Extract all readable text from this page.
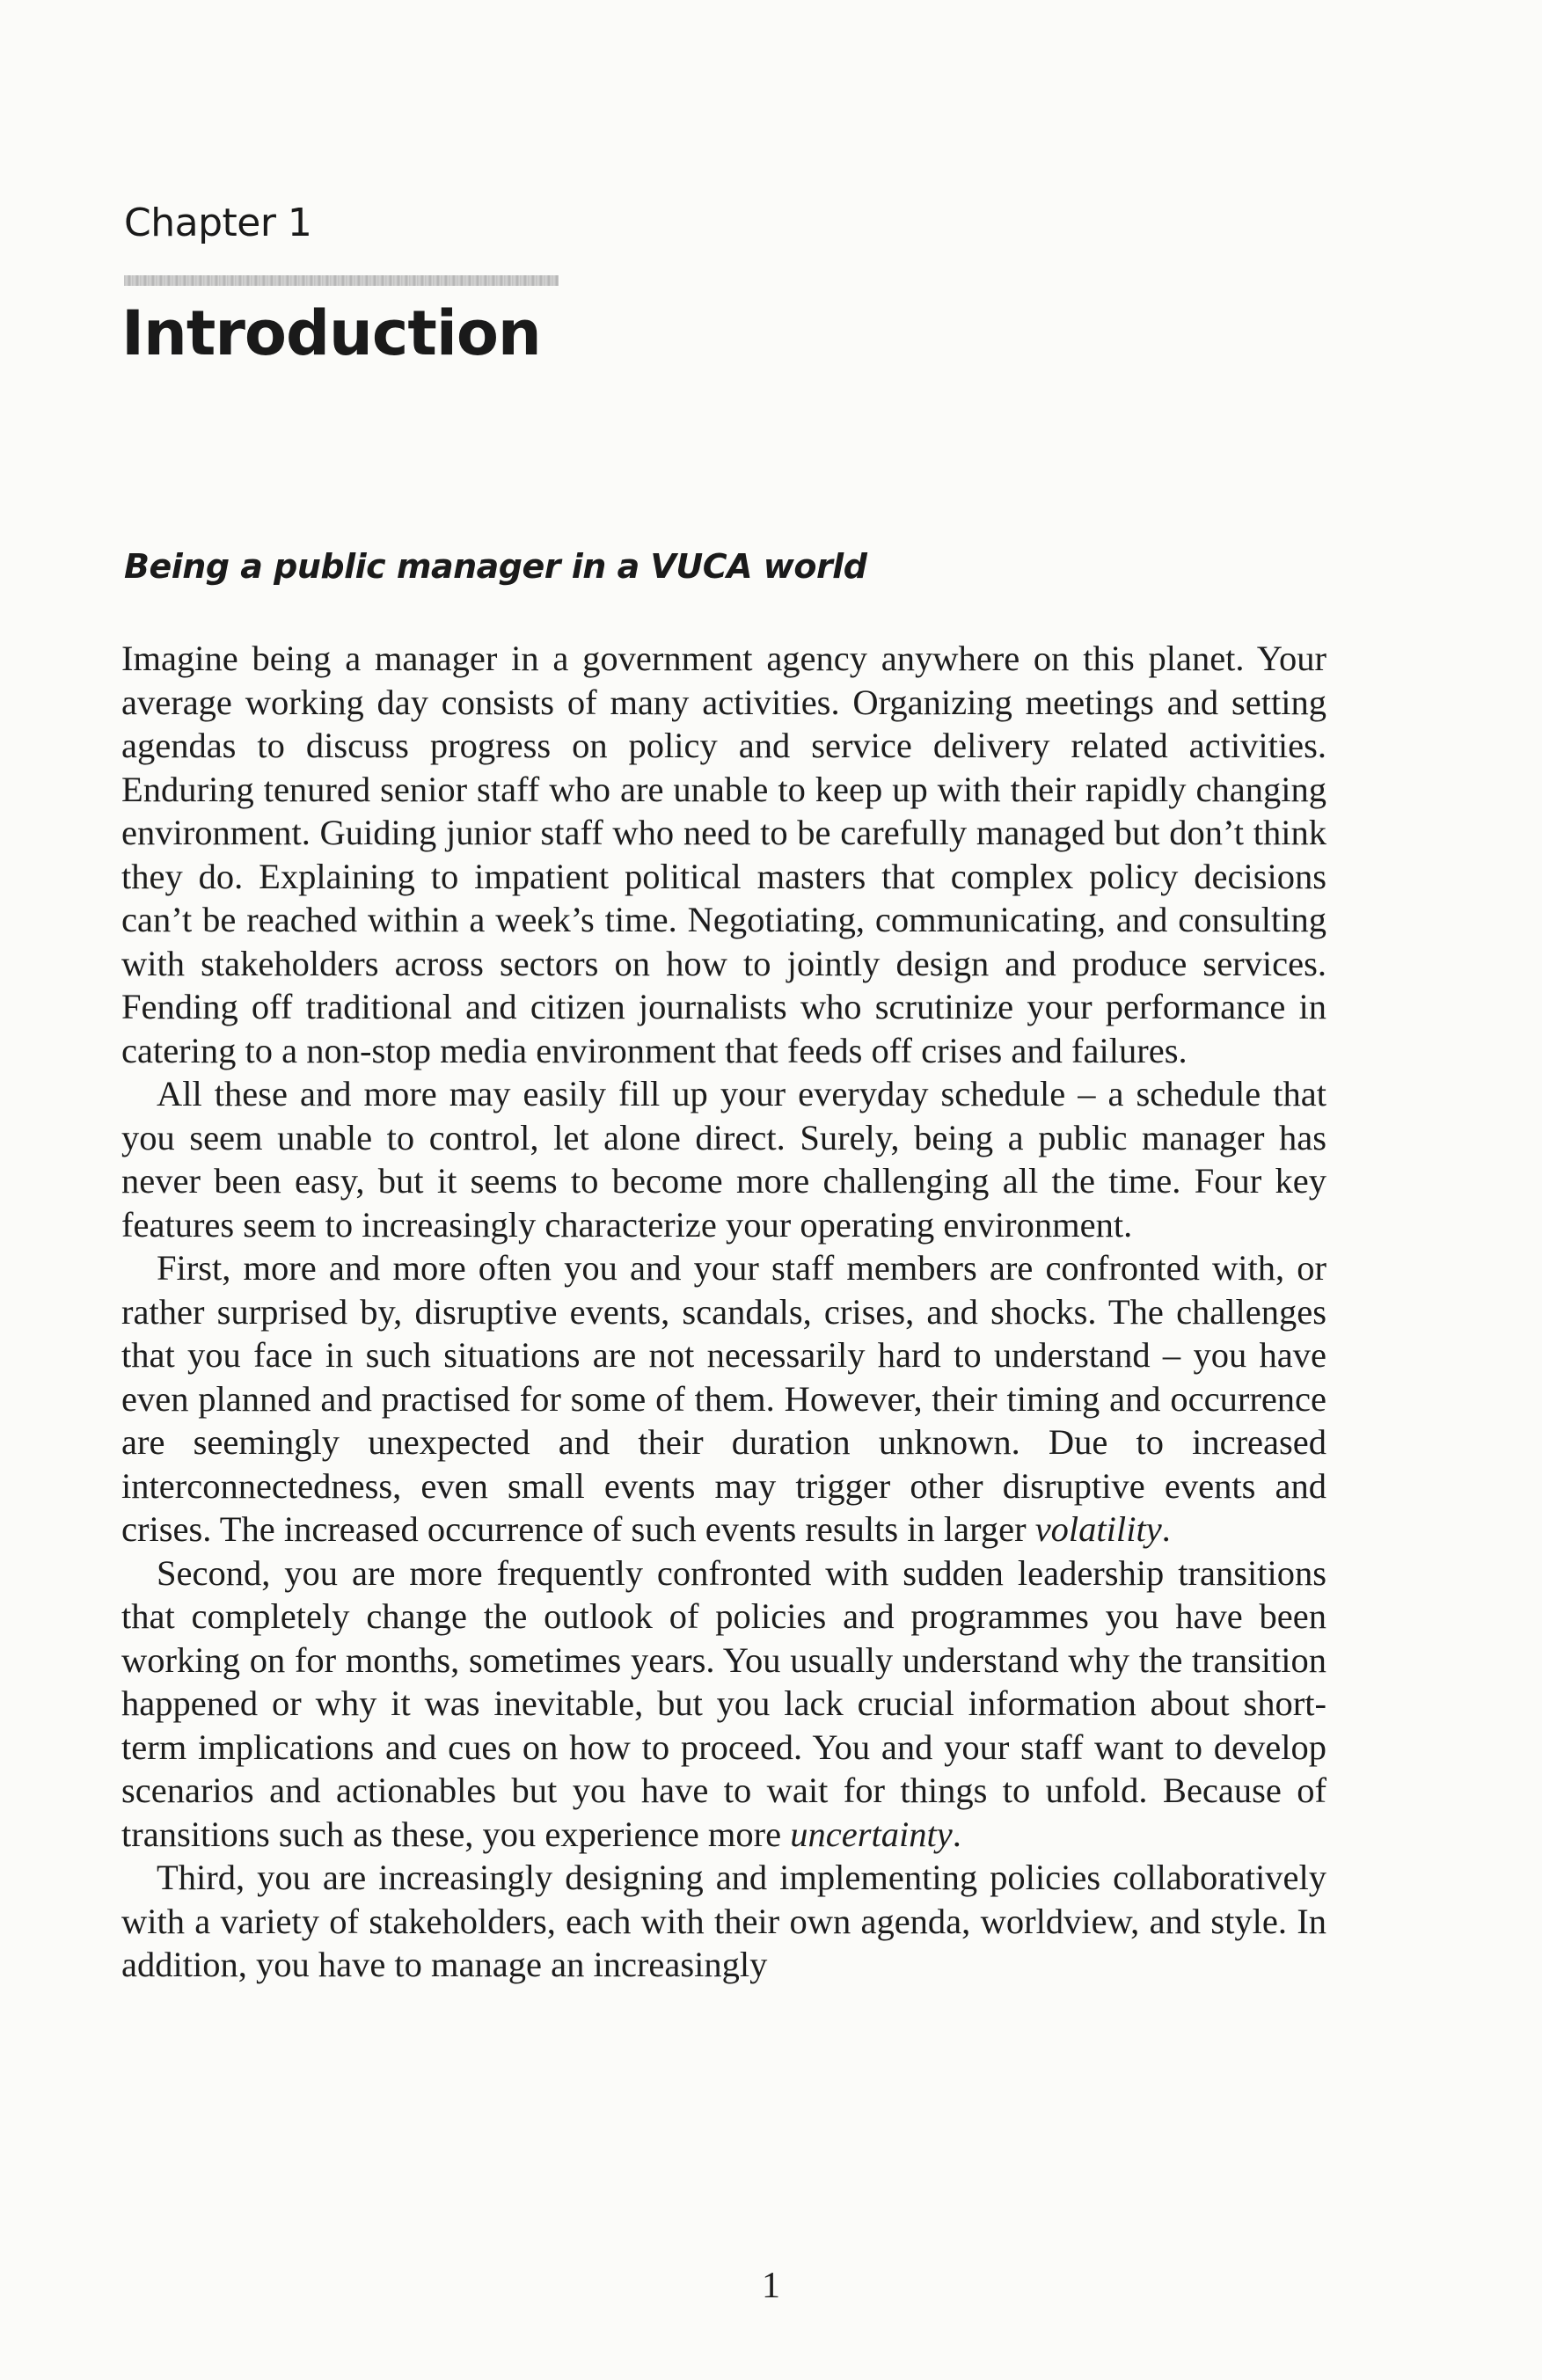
Chapter 1
Introduction
Being a public manager in a VUCA world

Imagine being a manager in a government agency anywhere on this planet. Your average working day consists of many activities. Organizing meetings and setting agendas to discuss progress on policy and service delivery related activities. Enduring tenured senior staff who are unable to keep up with their rapidly changing environment. Guiding junior staff who need to be carefully managed but don’t think they do. Explaining to impatient political masters that complex policy decisions can’t be reached within a week’s time. Negotiating, communicating, and consulting with stakeholders across sectors on how to jointly design and produce services. Fending off traditional and citizen journalists who scrutinize your performance in catering to a non-stop media environment that feeds off crises and failures.

All these and more may easily fill up your everyday schedule – a schedule that you seem unable to control, let alone direct. Surely, being a public manager has never been easy, but it seems to become more challenging all the time. Four key features seem to increasingly characterize your operating environment.

First, more and more often you and your staff members are confronted with, or rather surprised by, disruptive events, scandals, crises, and shocks. The challenges that you face in such situations are not necessarily hard to understand – you have even planned and practised for some of them. However, their timing and occurrence are seemingly unexpected and their duration unknown. Due to increased interconnectedness, even small events may trigger other disruptive events and crises. The increased occurrence of such events results in larger volatility.

Second, you are more frequently confronted with sudden leadership transitions that completely change the outlook of policies and programmes you have been working on for months, sometimes years. You usually understand why the transition happened or why it was inevitable, but you lack crucial information about short-term implications and cues on how to proceed. You and your staff want to develop scenarios and actionables but you have to wait for things to unfold. Because of transitions such as these, you experience more uncertainty.

Third, you are increasingly designing and implementing policies collaboratively with a variety of stakeholders, each with their own agenda, worldview, and style. In addition, you have to manage an increasingly

1
